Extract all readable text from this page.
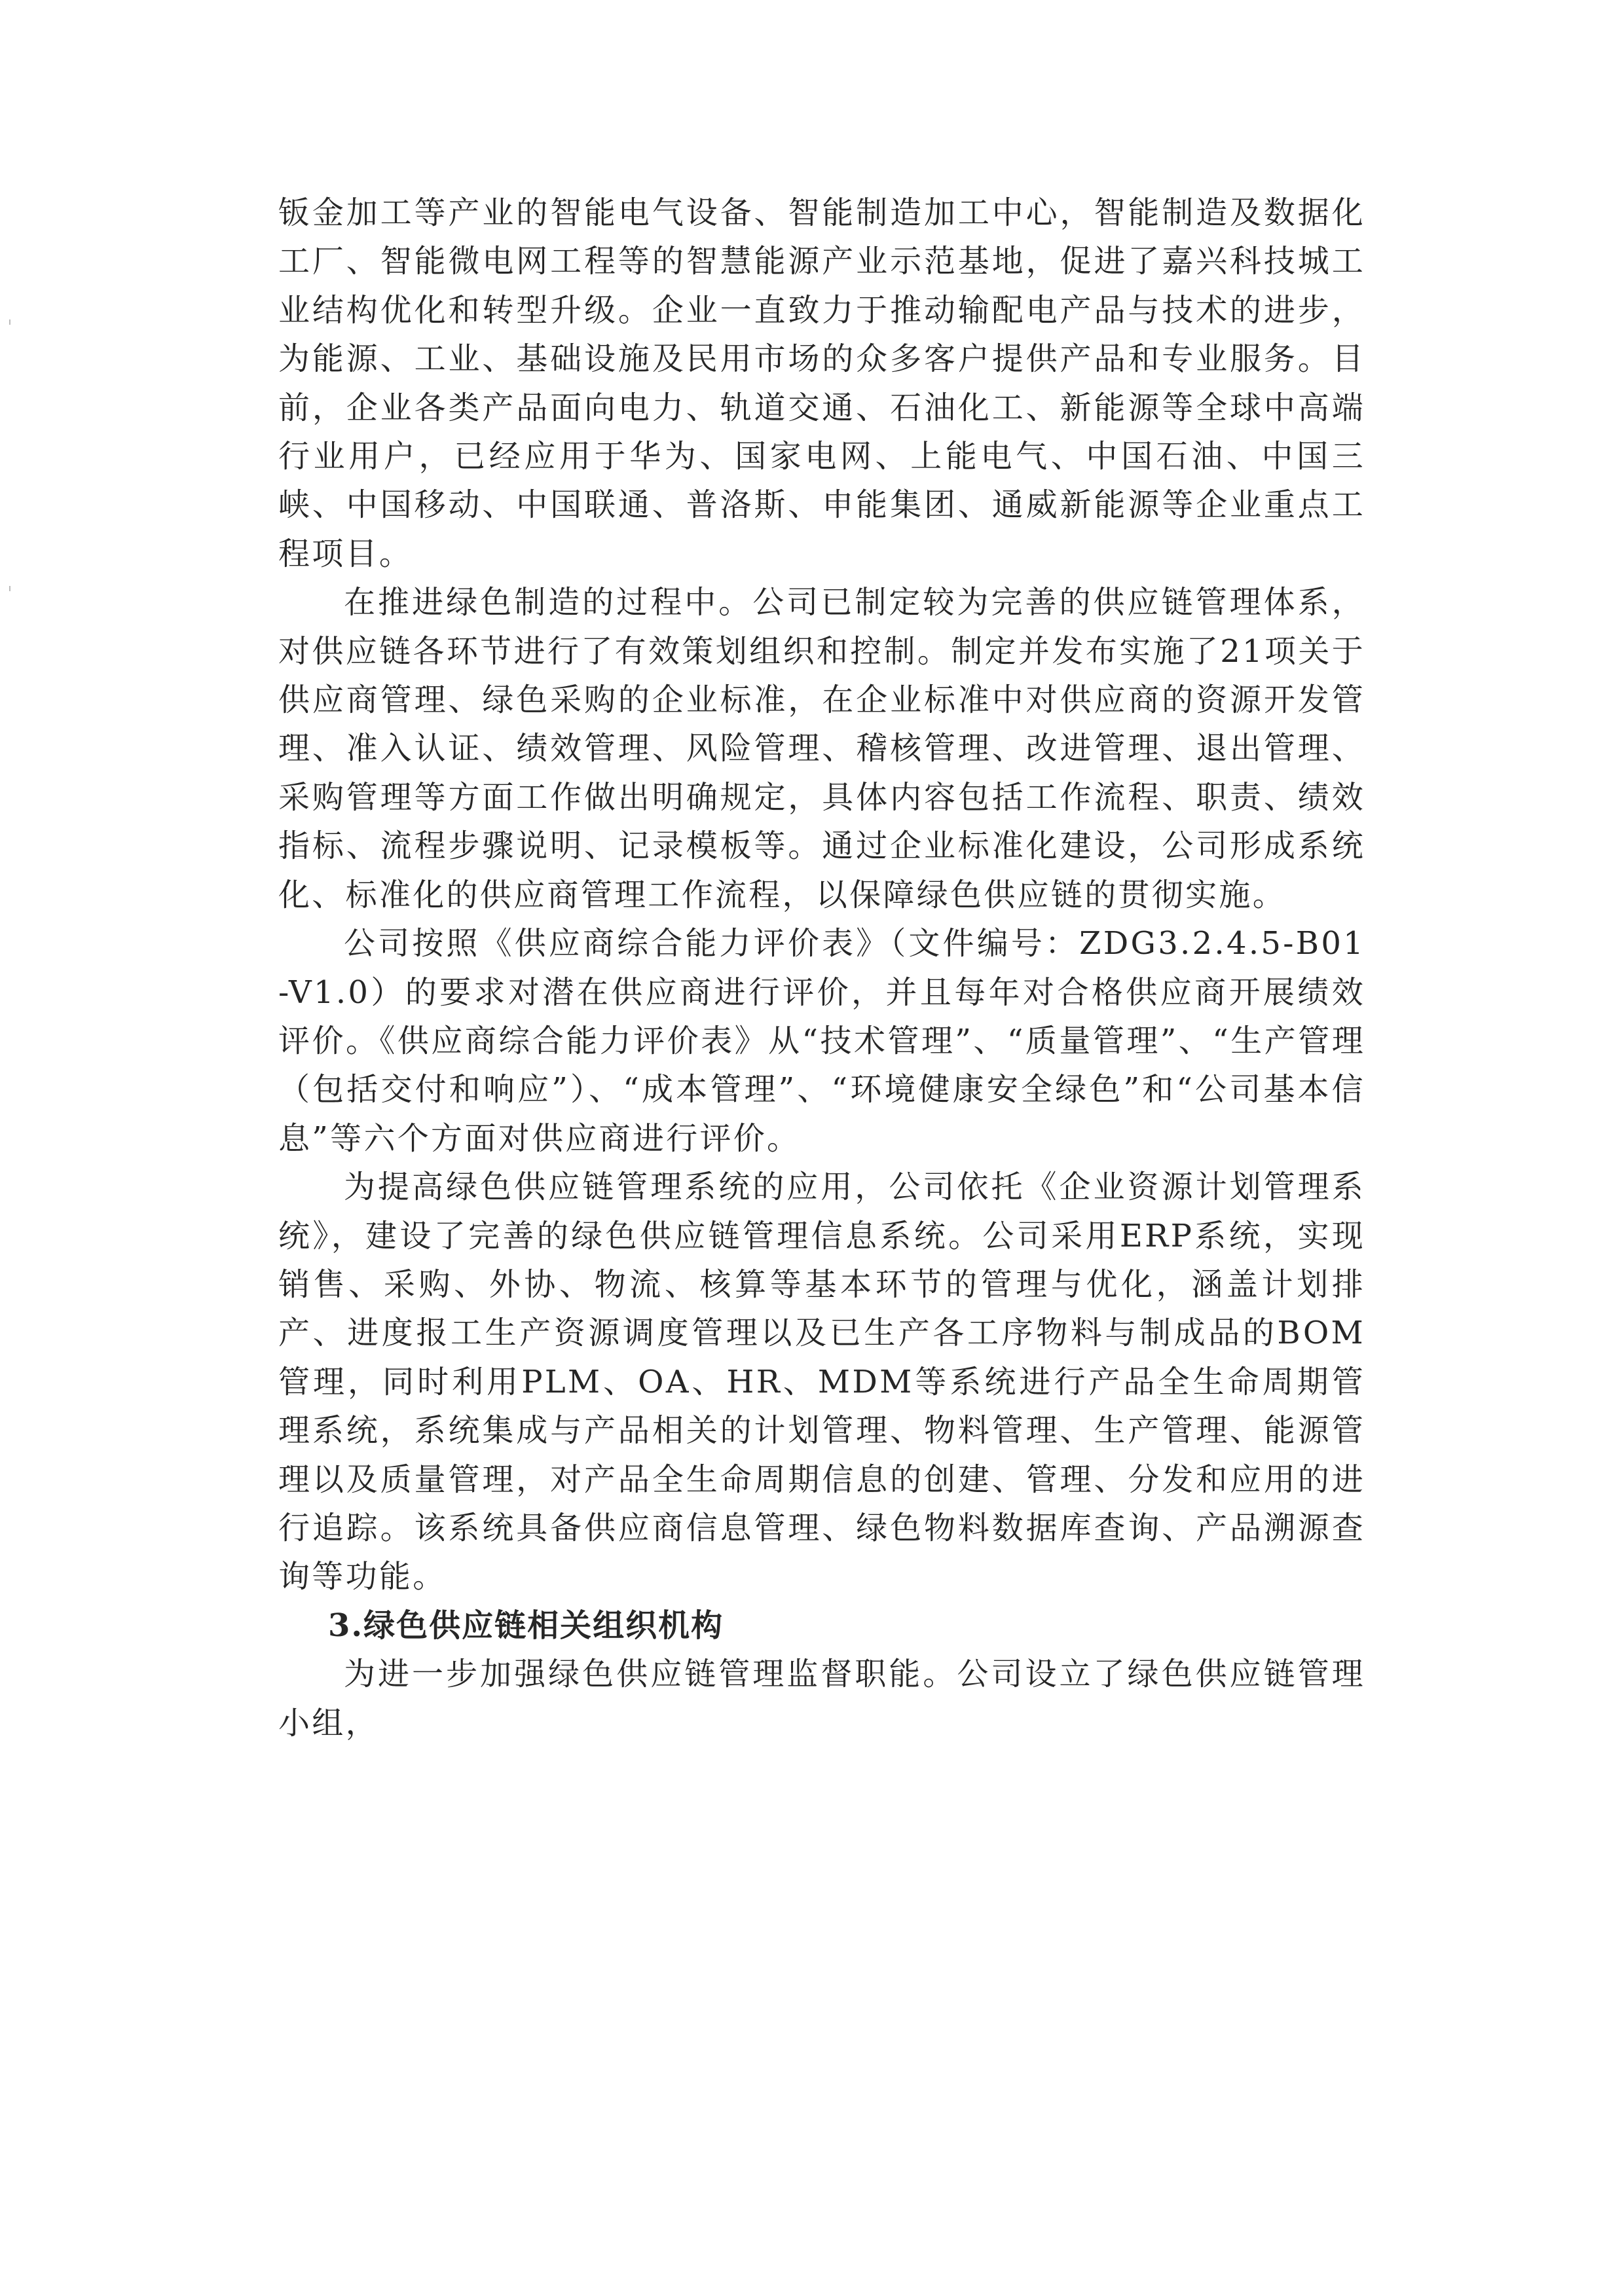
钣金加工等产业的智能电气设备、智能制造加工中心，智能制造及数据化工厂、智能微电网工程等的智慧能源产业示范基地，促进了嘉兴科技城工业结构优化和转型升级。企业一直致力于推动输配电产品与技术的进步，为能源、工业、基础设施及民用市场的众多客户提供产品和专业服务。目前，企业各类产品面向电力、轨道交通、石油化工、新能源等全球中高端行业用户，已经应用于华为、国家电网、上能电气、中国石油、中国三峡、中国移动、中国联通、普洛斯、申能集团、通威新能源等企业重点工程项目。

在推进绿色制造的过程中。公司已制定较为完善的供应链管理体系，对供应链各环节进行了有效策划组织和控制。制定并发布实施了21项关于供应商管理、绿色采购的企业标准，在企业标准中对供应商的资源开发管理、准入认证、绩效管理、风险管理、稽核管理、改进管理、退出管理、采购管理等方面工作做出明确规定，具体内容包括工作流程、职责、绩效指标、流程步骤说明、记录模板等。通过企业标准化建设，公司形成系统化、标准化的供应商管理工作流程，以保障绿色供应链的贯彻实施。

公司按照《供应商综合能力评价表》（文件编号：ZDG3.2.4.5-B01-V1.0）的要求对潜在供应商进行评价，并且每年对合格供应商开展绩效评价。《供应商综合能力评价表》从“技术管理”、“质量管理”、“生产管理（包括交付和响应”）、“成本管理”、“环境健康安全绿色”和“公司基本信息”等六个方面对供应商进行评价。

为提高绿色供应链管理系统的应用，公司依托《企业资源计划管理系统》，建设了完善的绿色供应链管理信息系统。公司采用ERP系统，实现销售、采购、外协、物流、核算等基本环节的管理与优化，涵盖计划排产、进度报工生产资源调度管理以及已生产各工序物料与制成品的BOM管理，同时利用PLM、OA、HR、MDM等系统进行产品全生命周期管理系统，系统集成与产品相关的计划管理、物料管理、生产管理、能源管理以及质量管理，对产品全生命周期信息的创建、管理、分发和应用的进行追踪。该系统具备供应商信息管理、绿色物料数据库查询、产品溯源查询等功能。

3.绿色供应链相关组织机构

为进一步加强绿色供应链管理监督职能。公司设立了绿色供应链管理小组，
